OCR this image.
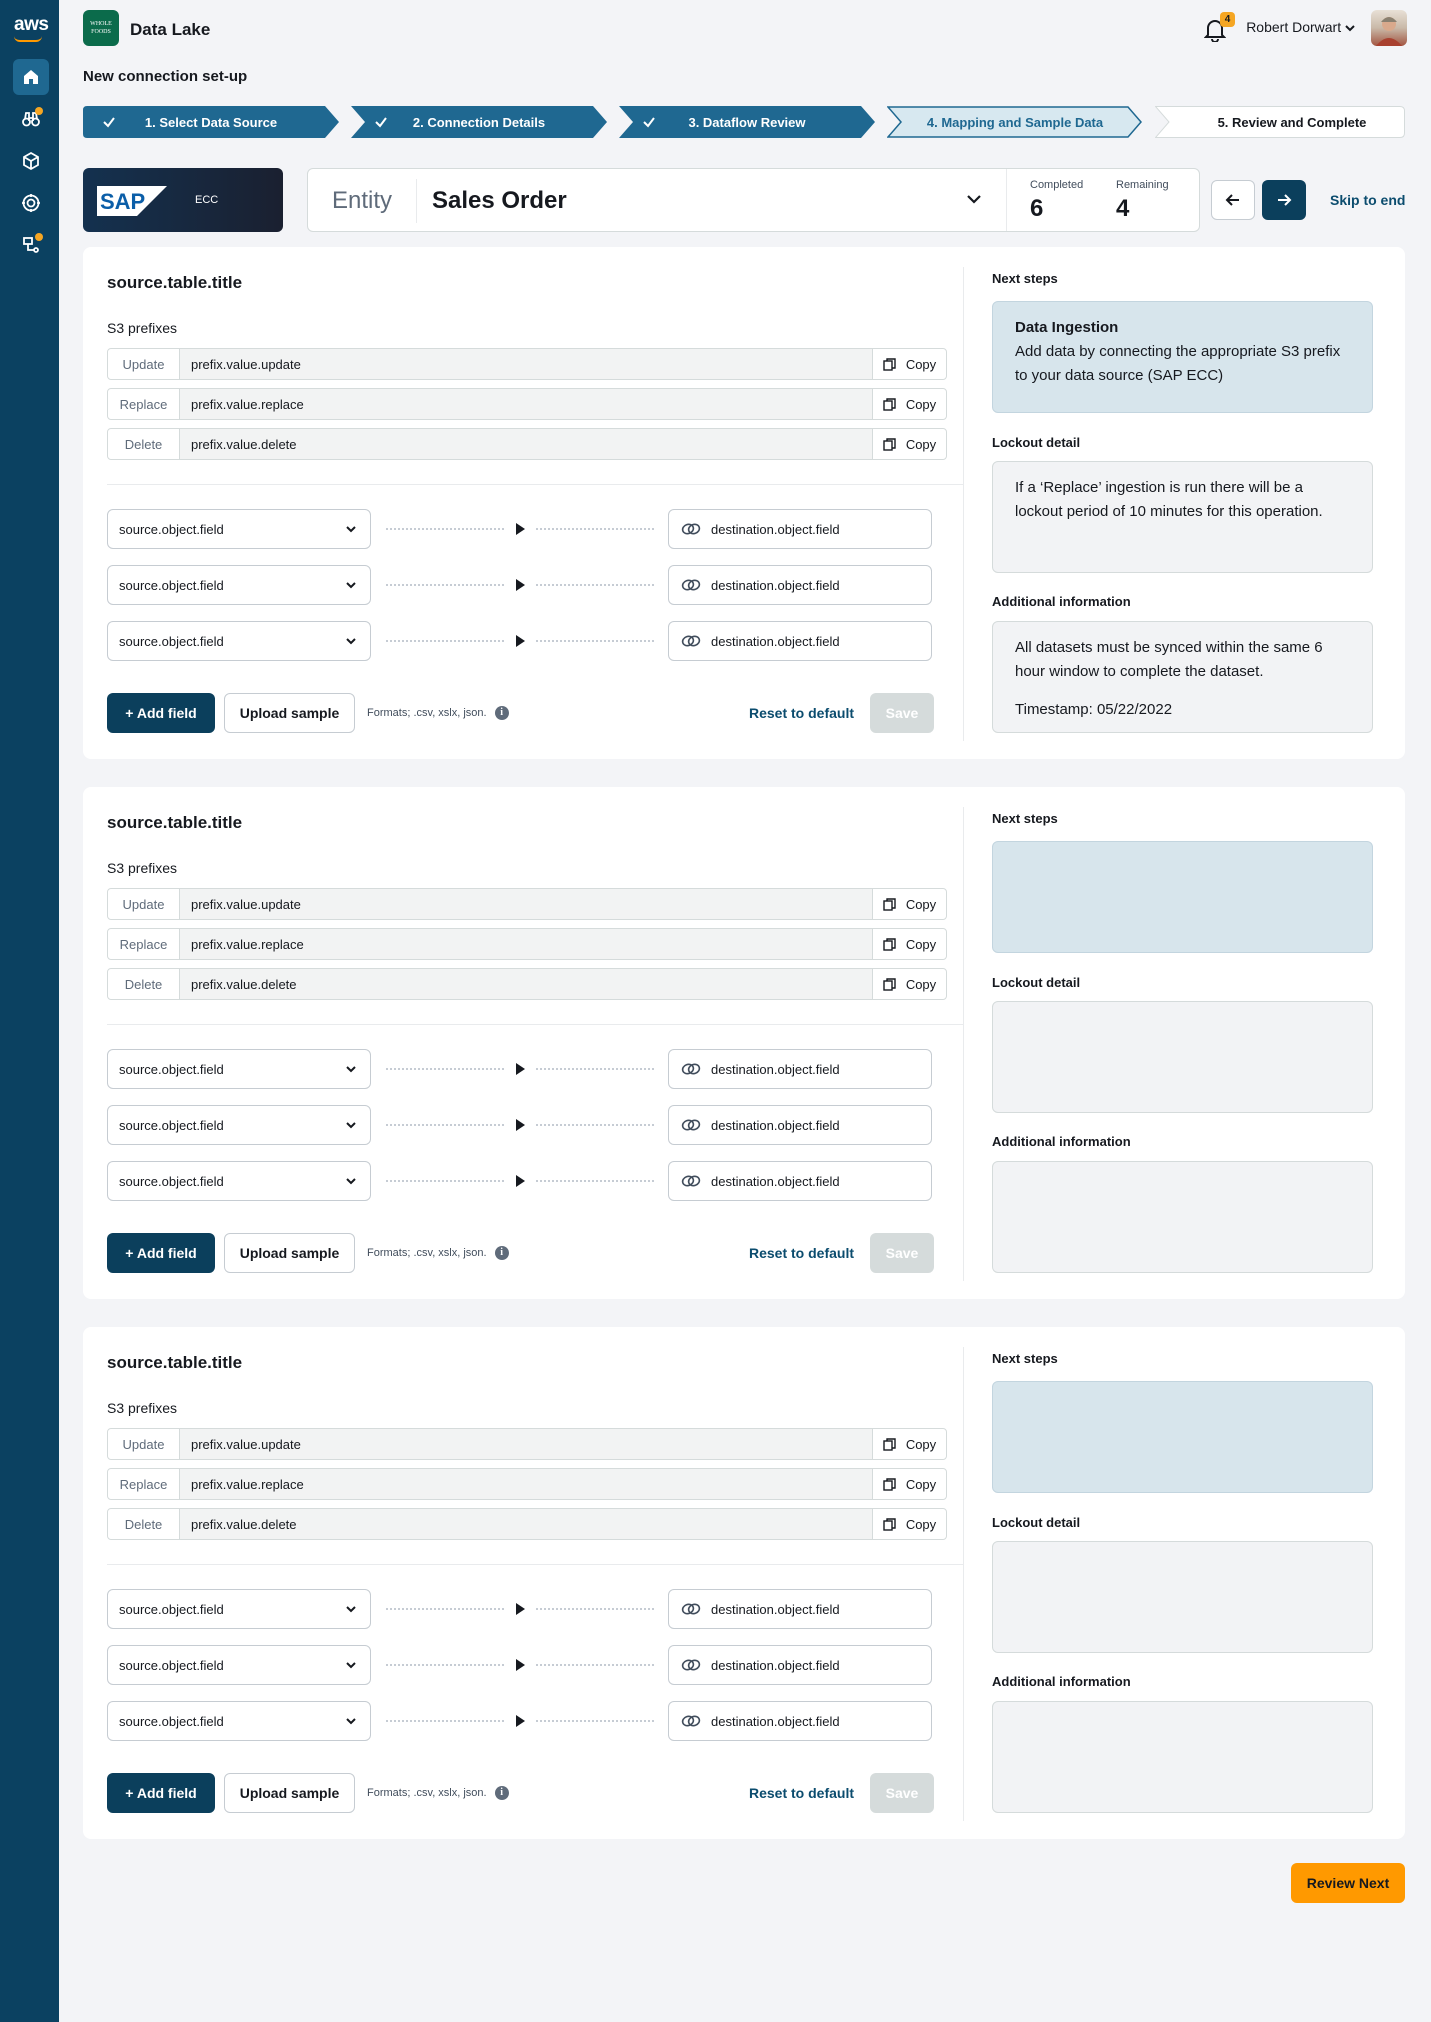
aws	WHOLE FOODS	Data Lake
4	Robert Dorwart
New connection set-up
1. Select Data Source	2. Connection Details	3. Dataflow Review	4. Mapping and Sample Data	5. Review and Complete
SAP	ECC	Entity Sales Order
Completed
6
Remaining
4	Skip to end
source.table.title
S3 prefixes
Update	prefix.value.update	Copy
Replace	prefix.value.replace	Copy
Delete	prefix.value.delete	Copy
source.object.field	destination.object.field
source.object.field	destination.object.field
source.object.field	destination.object.field
+ Add field	Upload sample	Formats; .csv, xslx, json.	i	Reset to default	Save
Next steps
Data Ingestion
Add data by connecting the appropriate S3 prefix to your data source (SAP ECC)
Lockout detail
If a ‘Replace’ ingestion is run there will be a lockout period of 10 minutes for this operation.
Additional information
All datasets must be synced within the same 6 hour window to complete the dataset.
Timestamp: 05/22/2022
source.table.title
S3 prefixes
Update	prefix.value.update	Copy
Replace	prefix.value.replace	Copy
Delete	prefix.value.delete	Copy
source.object.field	destination.object.field
source.object.field	destination.object.field
source.object.field	destination.object.field
+ Add field	Upload sample	Formats; .csv, xslx, json.	i	Reset to default	Save
Next steps
Lockout detail
Additional information
source.table.title
S3 prefixes
Update	prefix.value.update	Copy
Replace	prefix.value.replace	Copy
Delete	prefix.value.delete	Copy
source.object.field	destination.object.field
source.object.field	destination.object.field
source.object.field	destination.object.field
+ Add field	Upload sample	Formats; .csv, xslx, json.	i	Reset to default	Save
Next steps
Lockout detail
Additional information
Review Next
